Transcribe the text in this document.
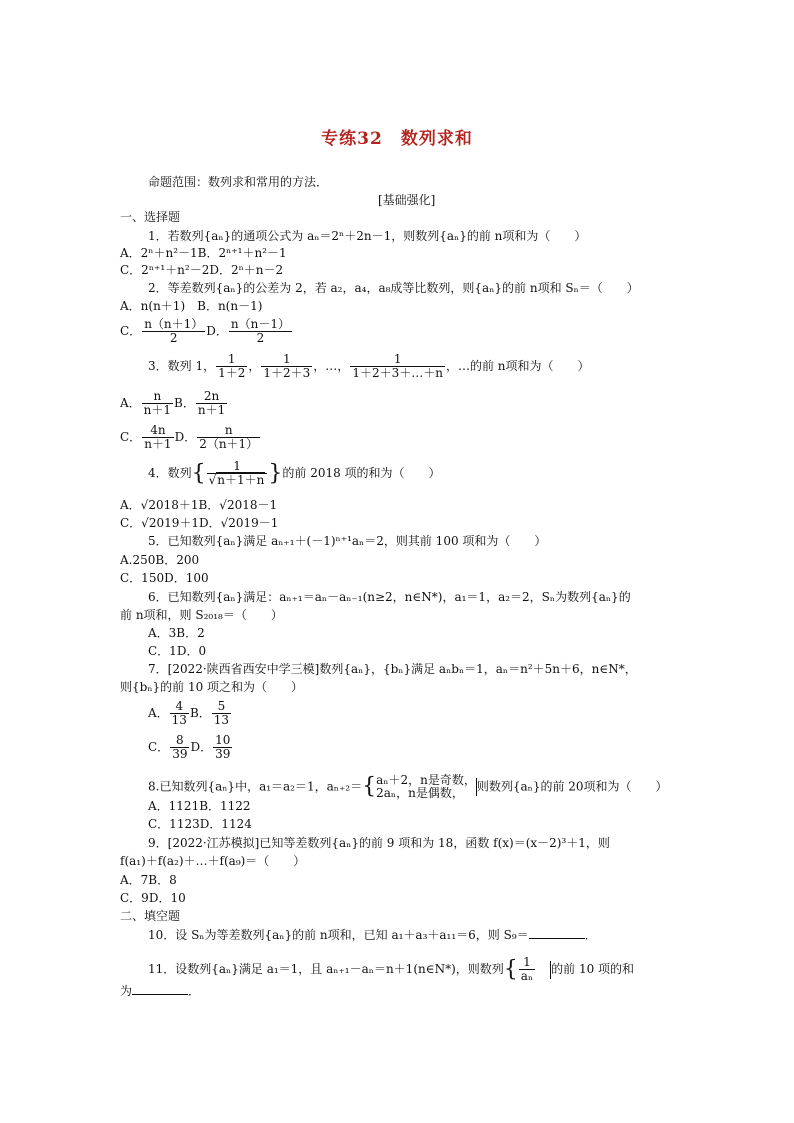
专练32　数列求和
命题范围：数列求和常用的方法．
[基础强化]
一、选择题
1．若数列{aₙ}的通项公式为 aₙ＝2ⁿ＋2n－1，则数列{aₙ}的前 n项和为（　　）
A．2ⁿ＋n²－1B．2ⁿ⁺¹＋n²－1
C．2ⁿ⁺¹＋n²－2D．2ⁿ＋n－2
2．等差数列{aₙ}的公差为 2，若 a₂，a₄，a₈成等比数列，则{aₙ}的前 n项和 Sₙ＝（　　）
A．n(n＋1)　B．n(n－1)
C． $\frac{n(n+1)}{2}$ D． $\frac{n(n-1)}{2}$
3．数列 1， $\frac{1}{1+2}$ ， $\frac{1}{1+2+3}$ ，…， $\frac{1}{1+2+3+\dots+n}$ ，…的前 n项和为（　　）
A． $\frac{n}{n+1}$ B． $\frac{2n}{n+1}$
C． $\frac{4n}{n+1}$ D． $\frac{n}{2(n+1)}$
4．数列{ $\frac{1}{√n+1+n}$ }的前 2018 项的和为（　　）
A．√2018＋1B．√2018－1
C．√2019＋1D．√2019－1
5．已知数列{aₙ}满足 aₙ₊₁＋(－1)ⁿ⁺¹aₙ＝2，则其前 100 项和为（　　）
A.250B．200
C．150D．100
6．已知数列{aₙ}满足：aₙ₊₁＝aₙ－aₙ₋₁(n≥2，n∈N*)，a₁＝1，a₂＝2，Sₙ为数列{aₙ}的
前 n项和，则 S₂₀₁₈＝（　　）
A．3B．2
C．1D．0
7．[2022·陕西省西安中学三模]数列{aₙ}，{bₙ}满足 aₙbₙ＝1，aₙ＝n²＋5n＋6，n∈N*，
则{bₙ}的前 10 项之和为（　　）
A． $\frac{4}{13}$ B． $\frac{5}{13}$
C． $\frac{8}{39}$ D． $\frac{10}{39}$
8.已知数列{aₙ}中，a₁＝a₂＝1，aₙ₊₂＝{ aₙ＋2，n是奇数，
2aₙ，n是偶数，	则数列{aₙ}的前 20项和为（　　）
A．1121B．1122
C．1123D．1124
9．[2022·江苏模拟]已知等差数列{aₙ}的前 9 项和为 18，函数 f(x)＝(x－2)³＋1，则
f(a₁)＋f(a₂)＋…＋f(a₉)＝（　　）
A．7B．8
C．9D．10
二、填空题
10．设 Sₙ为等差数列{aₙ}的前 n项和，已知 a₁＋a₃＋a₁₁＝6，则 S₉＝	．
11．设数列{aₙ}满足 a₁＝1，且 aₙ₊₁－aₙ＝n＋1(n∈N*)，则数列{ $\frac{1}{\text{aₙ}}$ 的前 10 项的和
为	．
